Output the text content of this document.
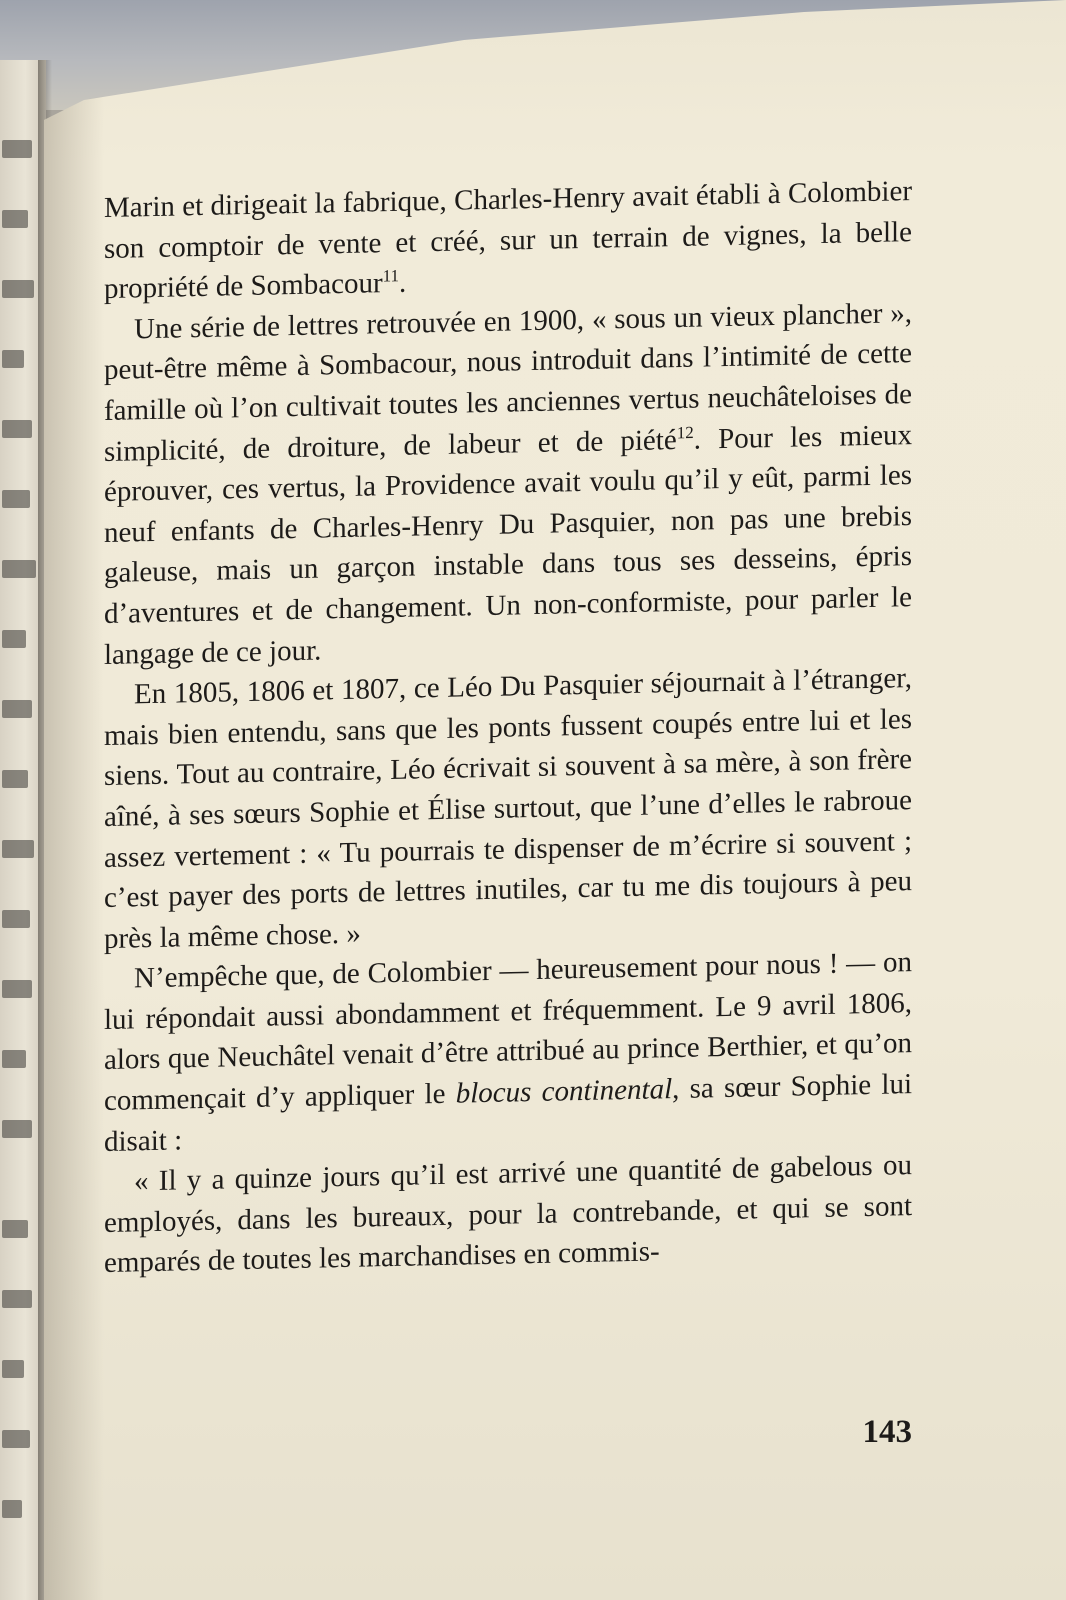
Marin et dirigeait la fabrique, Charles-Henry avait établi à Colombier son comptoir de vente et créé, sur un terrain de vignes, la belle propriété de Sombacour$^{11}$.

Une série de lettres retrouvée en 1900, « sous un vieux plancher », peut-être même à Sombacour, nous introduit dans l’intimité de cette famille où l’on cultivait toutes les anciennes vertus neuchâteloises de simplicité, de droiture, de labeur et de piété$^{12}$. Pour les mieux éprouver, ces vertus, la Providence avait voulu qu’il y eût, parmi les neuf enfants de Charles-Henry Du Pasquier, non pas une brebis galeuse, mais un garçon instable dans tous ses desseins, épris d’aventures et de changement. Un non-conformiste, pour parler le langage de ce jour.

En 1805, 1806 et 1807, ce Léo Du Pasquier séjournait à l’étranger, mais bien entendu, sans que les ponts fussent coupés entre lui et les siens. Tout au contraire, Léo écrivait si souvent à sa mère, à son frère aîné, à ses sœurs Sophie et Élise surtout, que l’une d’elles le rabroue assez vertement : « Tu pourrais te dispenser de m’écrire si souvent ; c’est payer des ports de lettres inutiles, car tu me dis toujours à peu près la même chose. »

N’empêche que, de Colombier — heureusement pour nous ! — on lui répondait aussi abondamment et fréquemment. Le 9 avril 1806, alors que Neuchâtel venait d’être attribué au prince Berthier, et qu’on commençait d’y appliquer le blocus continental, sa sœur Sophie lui disait :

« Il y a quinze jours qu’il est arrivé une quantité de gabelous ou employés, dans les bureaux, pour la contrebande, et qui se sont emparés de toutes les marchandises en commis-

143
